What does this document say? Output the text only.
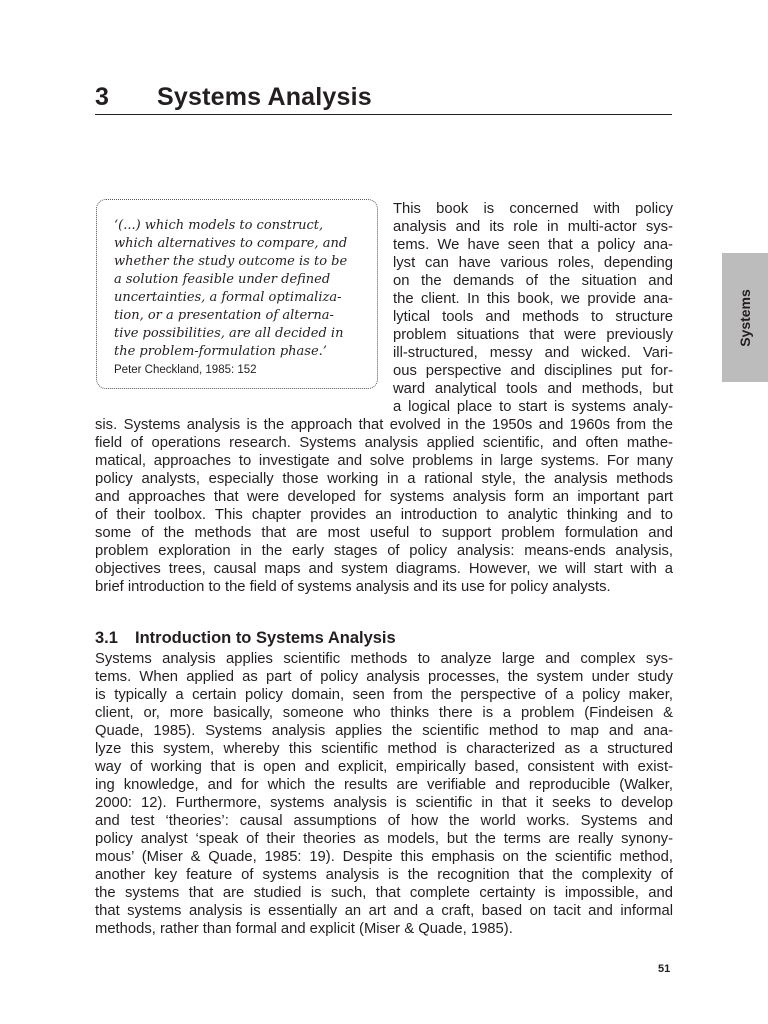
3 Systems Analysis
‘(...) which models to construct,
which alternatives to compare, and
whether the study outcome is to be
a solution feasible under defined
uncertainties, a formal optimaliza-
tion, or a presentation of alterna-
tive possibilities, are all decided in
the problem-formulation phase.’
Peter Checkland, 1985: 152
This book is concerned with policy
analysis and its role in multi-actor sys-
tems. We have seen that a policy ana-
lyst can have various roles, depending
on the demands of the situation and
the client. In this book, we provide ana-
lytical tools and methods to structure
problem situations that were previously
ill-structured, messy and wicked. Vari-
ous perspective and disciplines put for-
ward analytical tools and methods, but
a logical place to start is systems analy-
sis. Systems analysis is the approach that evolved in the 1950s and 1960s from the
field of operations research. Systems analysis applied scientific, and often mathe-
matical, approaches to investigate and solve problems in large systems. For many
policy analysts, especially those working in a rational style, the analysis methods
and approaches that were developed for systems analysis form an important part
of their toolbox. This chapter provides an introduction to analytic thinking and to
some of the methods that are most useful to support problem formulation and
problem exploration in the early stages of policy analysis: means-ends analysis,
objectives trees, causal maps and system diagrams. However, we will start with a
brief introduction to the field of systems analysis and its use for policy analysts.
3.1 Introduction to Systems Analysis
Systems analysis applies scientific methods to analyze large and complex sys-
tems. When applied as part of policy analysis processes, the system under study
is typically a certain policy domain, seen from the perspective of a policy maker,
client, or, more basically, someone who thinks there is a problem (Findeisen &
Quade, 1985). Systems analysis applies the scientific method to map and ana-
lyze this system, whereby this scientific method is characterized as a structured
way of working that is open and explicit, empirically based, consistent with exist-
ing knowledge, and for which the results are verifiable and reproducible (Walker,
2000: 12). Furthermore, systems analysis is scientific in that it seeks to develop
and test ‘theories’: causal assumptions of how the world works. Systems and
policy analyst ‘speak of their theories as models, but the terms are really synony-
mous’ (Miser & Quade, 1985: 19). Despite this emphasis on the scientific method,
another key feature of systems analysis is the recognition that the complexity of
the systems that are studied is such, that complete certainty is impossible, and
that systems analysis is essentially an art and a craft, based on tacit and informal
methods, rather than formal and explicit (Miser & Quade, 1985).
Systems
51
